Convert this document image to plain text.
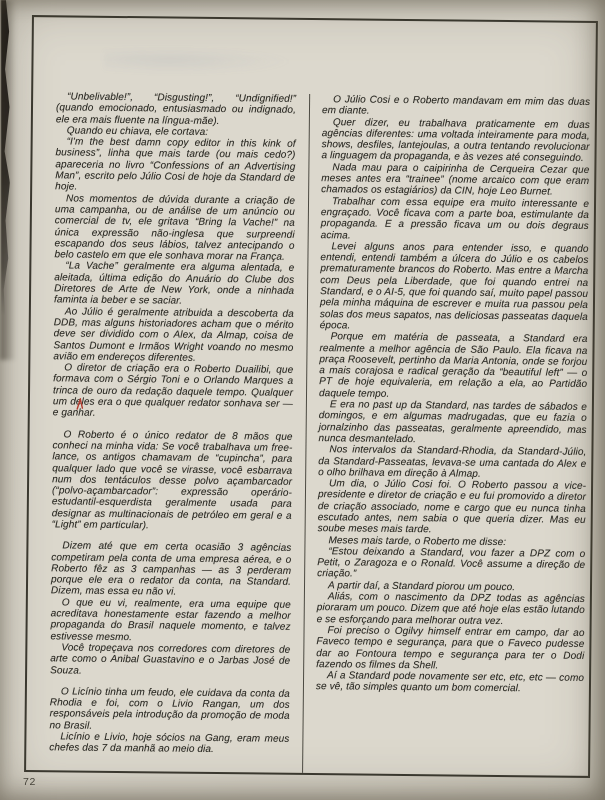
“Unbelivable!”, “Disgusting!”, “Undignified!” (quando emocionado, entusiasmado ou indignado, ele era mais fluente na língua-mãe).

Quando eu chiava, ele cortava:

“I'm the best damn copy editor in this kink of business”, linha que mais tarde (ou mais cedo?) apareceria no livro “Confessions of an Advertising Man”, escrito pelo Júlio Cosi de hoje da Standard de hoje.

Nos momentos de dúvida durante a criação de uma campanha, ou de análise de um anúncio ou comercial de tv, ele gritava “Bring la Vache!” na única expressão não-inglesa que surpreendi escapando dos seus lábios, talvez antecipando o belo castelo em que ele sonhava morar na França.

“La Vache” geralmente era alguma alentada, e aleitada, última edição do Anuário do Clube dos Diretores de Arte de New York, onde a ninhada faminta ia beber e se saciar.

Ao Júlio é geralmente atribuida a descoberta da DDB, mas alguns historiadores acham que o mérito deve ser dividido com o Alex, da Almap, coisa de Santos Dumont e Irmãos Wright voando no mesmo avião em endereços diferentes.

O diretor de criação era o Roberto Duailibi, que formava com o Sérgio Toni e o Orlando Marques a trinca de ouro da redação daquele tempo. Qualquer um deles era o que qualquer redator sonhava ser — e ganhar.

O Roberto é o único redator de 8 mãos que conheci na minha vida: Se você trabalhava um free-lance, os antigos chamavam de “cupincha”, para qualquer lado que você se virasse, você esbarrava num dos tentáculos desse polvo açambarcador (“polvo-açambarcador”: expressão operário-estudantil-esquerdista geralmente usada para designar as multinacionais de petróleo em geral e a “Light” em particular).

Dizem até que em certa ocasião 3 agências competiram pela conta de uma empresa aérea, e o Roberto fêz as 3 campanhas — as 3 perderam porque ele era o redator da conta, na Standard. Dizem, mas essa eu não vi.

O que eu vi, realmente, era uma equipe que acreditava honestamente estar fazendo a melhor propaganda do Brasil naquele momento, e talvez estivesse mesmo.

Você tropeçava nos corredores com diretores de arte como o Anibal Guastavino e o Jarbas José de Souza.

O Licínio tinha um feudo, ele cuidava da conta da Rhodia e foi, com o Livio Rangan, um dos responsáveis pela introdução da promoção de moda no Brasil.

Licínio e Livio, hoje sócios na Gang, eram meus chefes das 7 da manhã ao meio dia.

O Júlio Cosi e o Roberto mandavam em mim das duas em diante.

Quer dizer, eu trabalhava praticamente em duas agências diferentes: uma voltada inteiramente para moda, shows, desfiles, lantejoulas, a outra tentando revolucionar a linguagem da propaganda, e às vezes até conseguindo.

Nada mau para o caipirinha de Cerqueira Cezar que meses antes era “trainee” (nome arcaico com que eram chamados os estagiários) da CIN, hoje Leo Burnet.

Trabalhar com essa equipe era muito interessante e engraçado. Você ficava com a parte boa, estimulante da propaganda. E a pressão ficava um ou dois degraus acima.

Levei alguns anos para entender isso, e quando entendi, entendi também a úlcera do Júlio e os cabelos prematuramente brancos do Roberto. Mas entre a Marcha com Deus pela Liberdade, que foi quando entrei na Standard, e o AI-5, que foi quando saí, muito papel passou pela minha máquina de escrever e muita rua passou pela solas dos meus sapatos, nas deliciosas passeatas daquela época.

Porque em matéria de passeata, a Standard era realmente a melhor agência de São Paulo. Ela ficava na praça Roosevelt, pertinho da Maria Antonia, onde se forjou a mais corajosa e radical geração da “beautiful left” — o PT de hoje equivaleria, em relação a ela, ao Partidão daquele tempo.

E era no past up da Standard, nas tardes de sábados e domingos, e em algumas madrugadas, que eu fazia o jornalzinho das passeatas, geralmente apreendido, mas nunca desmantelado.

Nos intervalos da Standard-Rhodia, da Standard-Júlio, da Standard-Passeatas, levava-se uma cantada do Alex e o olho brilhava em direção à Almap.

Um dia, o Júlio Cosi foi. O Roberto passou a vice-presidente e diretor de criação e eu fui promovido a diretor de criação associado, nome e cargo que eu nunca tinha escutado antes, nem sabia o que queria dizer. Mas eu soube meses mais tarde.

Meses mais tarde, o Roberto me disse:

“Estou deixando a Standard, vou fazer a DPZ com o Petit, o Zaragoza e o Ronald. Você assume a direção de criação.”

A partir daí, a Standard piorou um pouco.

Aliás, com o nascimento da DPZ todas as agências pioraram um pouco. Dizem que até hoje elas estão lutando e se esforçando para melhorar outra vez.

Foi preciso o Ogilvy himself entrar em campo, dar ao Faveco tempo e segurança, para que o Faveco pudesse dar ao Fontoura tempo e segurança para ter o Dodi fazendo os filmes da Shell.

Aí a Standard pode novamente ser etc, etc, etc — como se vê, tão simples quanto um bom comercial.

72
